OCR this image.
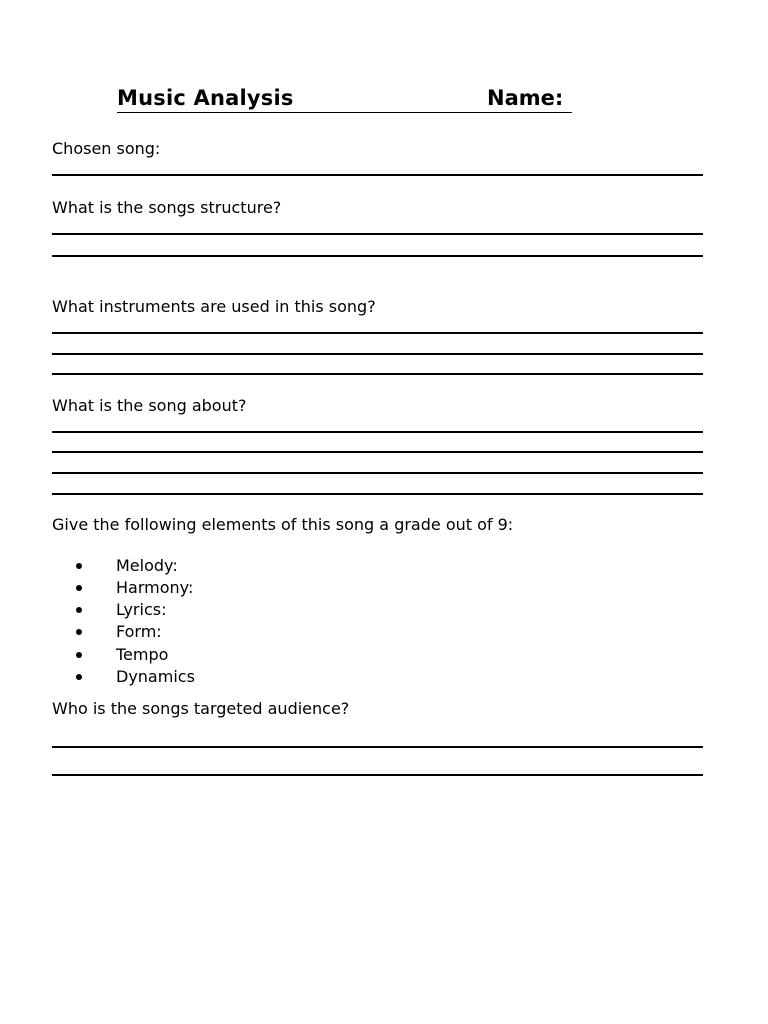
Music Analysis	Name:
Chosen song:
What is the songs structure?
What instruments are used in this song?
What is the song about?
Give the following elements of this song a grade out of 9:
Melody:
Harmony:
Lyrics:
Form:
Tempo
Dynamics
Who is the songs targeted audience?
